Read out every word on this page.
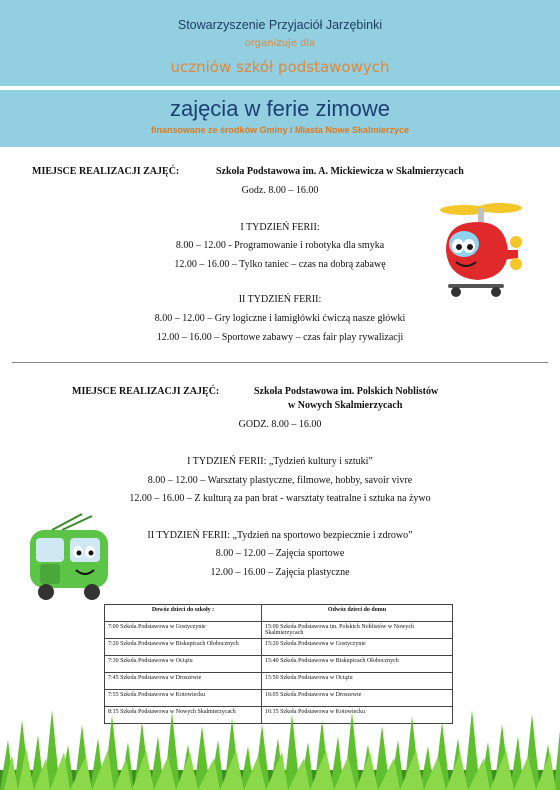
Stowarzyszenie Przyjaciół Jarzębinki
organizuje dla
uczniów szkół podstawowych
zajęcia w ferie zimowe
finansowane ze środków Gminy i Miasta Nowe Skalmierzyce
MIEJSCE REALIZACJI ZAJĘĆ:	Szkoła Podstawowa im. A. Mickiewicza w Skalmierzycach
Godz. 8.00 – 16.00
I TYDZIEŃ FERII:
8.00 – 12.00 - Programowanie i robotyka dla smyka
12.00 – 16.00 – Tylko taniec – czas na dobrą zabawę
II TYDZIEŃ FERII:
8.00 – 12.00 – Gry logiczne i łamigłówki ćwiczą nasze główki
12.00 – 16.00 – Sportowe zabawy – czas fair play rywalizacji
MIEJSCE REALIZACJI ZAJĘĆ:	Szkoła Podstawowa im. Polskich Noblistów
w Nowych Skalmierzycach
GODZ. 8.00 – 16.00
I TYDZIEŃ FERII: „Tydzień kultury i sztuki”
8.00 – 12.00 – Warsztaty plastyczne, filmowe, hobby, savoir vivre
12.00 – 16.00 – Z kulturą za pan brat - warsztaty teatralne i sztuka na żywo
II TYDZIEŃ FERII: „Tydzień na sportowo bezpiecznie i zdrowo”
8.00 – 12.00 – Zajęcia sportowe
12.00 – 16.00 – Zajęcia plastyczne
Dowóz dzieci do szkoły :	Odwóz dzieci do domu
7:00 Szkoła Podstawowa w Gostyczynie	15:00 Szkoła Podstawowa im. Polskich Noblistów w Nowych Skalmierzycach
7:20 Szkoła Podstawowa w Biskupicach Ołobocznych	15:20 Szkoła Podstawowa w Gostyczynie
7:30 Szkoła Podstawowa w Ociążu	15:40 Szkoła Podstawowa w Biskupicach Ołobocznych
7:45 Szkoła Podstawowa w Droszewie	15:50 Szkoła Podstawowa w Ociążu
7:55 Szkoła Podstawowa w Kotowiecku	16:05 Szkoła Podstawowa w Droszewie
8:15 Szkoła Podstawowa w Nowych Skalmierzycach	16:15 Szkoła Podstawowa w Kotowiecku
